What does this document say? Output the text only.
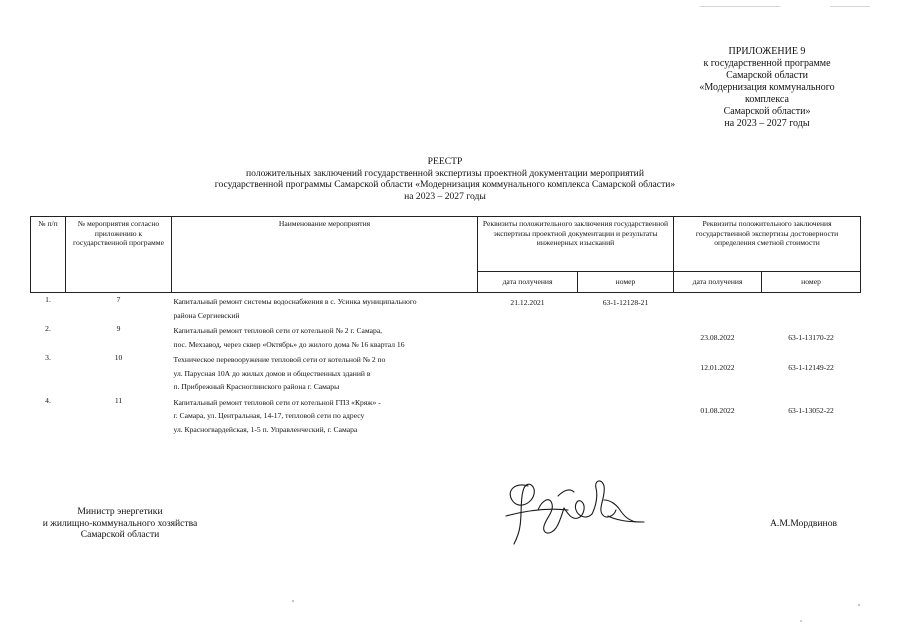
ПРИЛОЖЕНИЕ 9
к государственной программе
Самарской области
«Модернизация коммунального
комплекса
Самарской области»
на 2023 – 2027 годы
РЕЕСТР
положительных заключений государственной экспертизы проектной документации мероприятий
государственной программы Самарской области «Модернизация коммунального комплекса Самарской области»
на 2023 – 2027 годы
№ п/п	№ мероприятия согласно приложению к государственной программе	Наименование мероприятия	Реквизиты положительного заключения государственной экспертизы проектной документации и результаты инженерных изысканий		Реквизиты положительного заключения государственной экспертизы достоверности определения сметной стоимости	
			дата получения	номер	дата получения	номер
1.	7	Капитальный ремонт системы водоснабжения в с. Усинка муниципального
района Сергиевский	21.12.2021	63-1-12128-21		
2.	9	Капитальный ремонт тепловой сети от котельной № 2 г. Самара,
пос. Мехзавод, через сквер «Октябрь» до жилого дома № 16 квартал 16			23.08.2022	63-1-13170-22
3.	10	Техническое перевооружение тепловой сети от котельной № 2 по
ул. Парусная 10А до жилых домов и общественных зданий в
п. Прибрежный Красноглинского района г. Самары			12.01.2022	63-1-12149-22
4.	11	Капитальный ремонт тепловой сети от котельной ГПЗ «Кряж» -
г. Самара, ул. Центральная, 14-17, тепловой сети по адресу
ул. Красногвардейская, 1-5 п. Управленческий, г. Самара			01.08.2022	63-1-13052-22
Министр энергетики
и жилищно-коммунального хозяйства
Самарской области
А.М.Мордвинов
